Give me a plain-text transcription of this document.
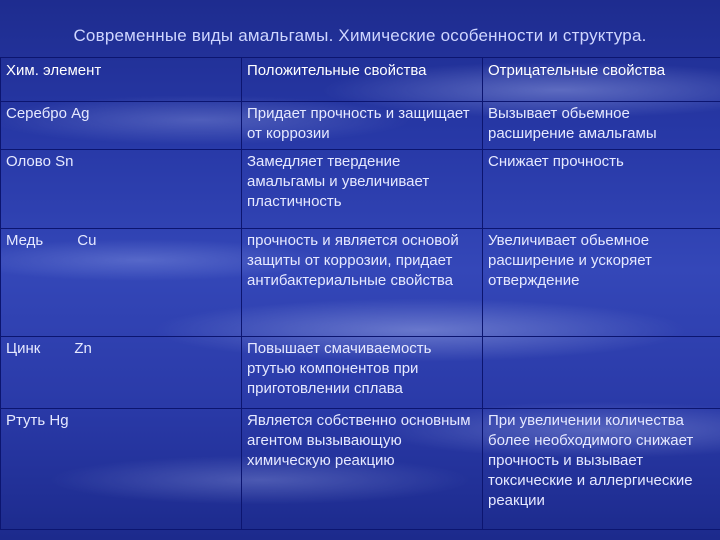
Современные виды амальгамы. Химические особенности и структура.
Хим. элемент	Положительные свойства	Отрицательные свойства
Серебро Ag	Придает прочность и защищает от коррозии	Вызывает обьемное расширение амальгамы
Олово Sn	Замедляет твердение амальгамы и увеличивает пластичность	Снижает прочность
Медь Cu	прочность и является основой защиты от коррозии, придает антибактериальные свойства	Увеличивает обьемное расширение и ускоряет отверждение
Цинк Zn	Повышает смачиваемость ртутью компонентов при приготовлении сплава	
Ртуть Hg	Является собственно основным агентом вызывающую химическую реакцию	При увеличении количества более необходимого снижает прочность и вызывает токсические и аллергические реакции
